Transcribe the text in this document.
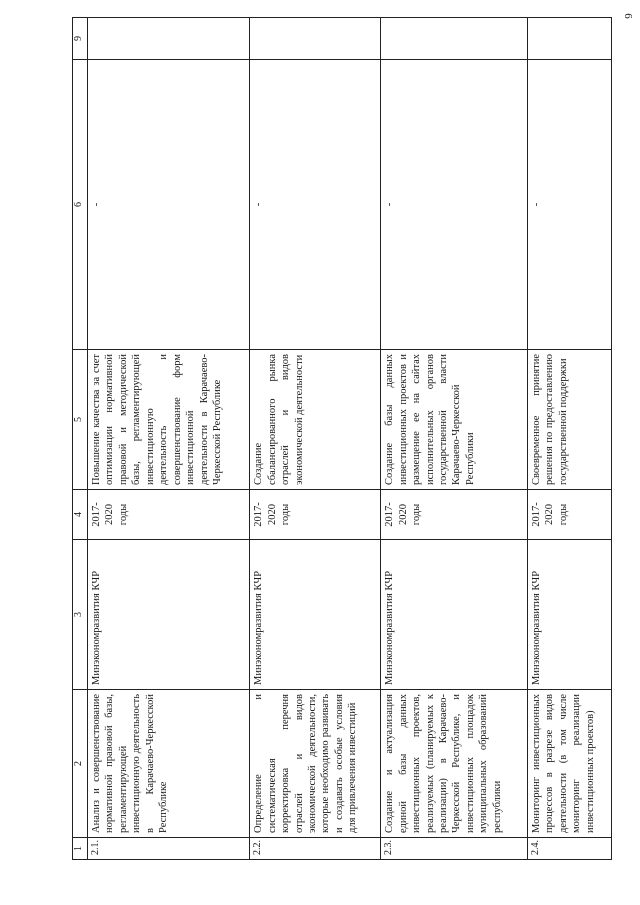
6
1	2	3	4	5	6	9
2.1.	Анализ и совершенствование нормативной правовой базы, регламентирующей инвестиционную деятельность в Карачаево-Черкесской Республике	Минэкономразвития КЧР	2017-2020 годы	Повышение качества за счет оптимизации нормативной правовой и методической базы, регламентирующей инвестиционную деятельность и совершенствование форм инвестиционной деятельности в Карачаево-Черкесской Республике	-	
2.2.	Определение и систематическая корректировка перечня отраслей и видов экономической деятельности, которые необходимо развивать и создавать особые условия для привлечения инвестиций	Минэкономразвития КЧР	2017-2020 годы	Создание сбалансированного рынка отраслей и видов экономической деятельности	-	
2.3.	Создание и актуализация единой базы данных инвестиционных проектов, реализуемых (планируемых к реализации) в Карачаево-Черкесской Республике, и инвестиционных площадок муниципальных образований республики	Минэкономразвития КЧР	2017-2020 годы	Создание базы данных инвестиционных проектов и размещение ее на сайтах исполнительных органов государственной власти Карачаево-Черкесской Республики	-	
2.4.	Мониторинг инвестиционных процессов в разрезе видов деятельности (в том числе мониторинг реализации инвестиционных проектов)	Минэкономразвития КЧР	2017-2020 годы	Своевременное принятие решения по предоставлению государственной поддержки	-	
